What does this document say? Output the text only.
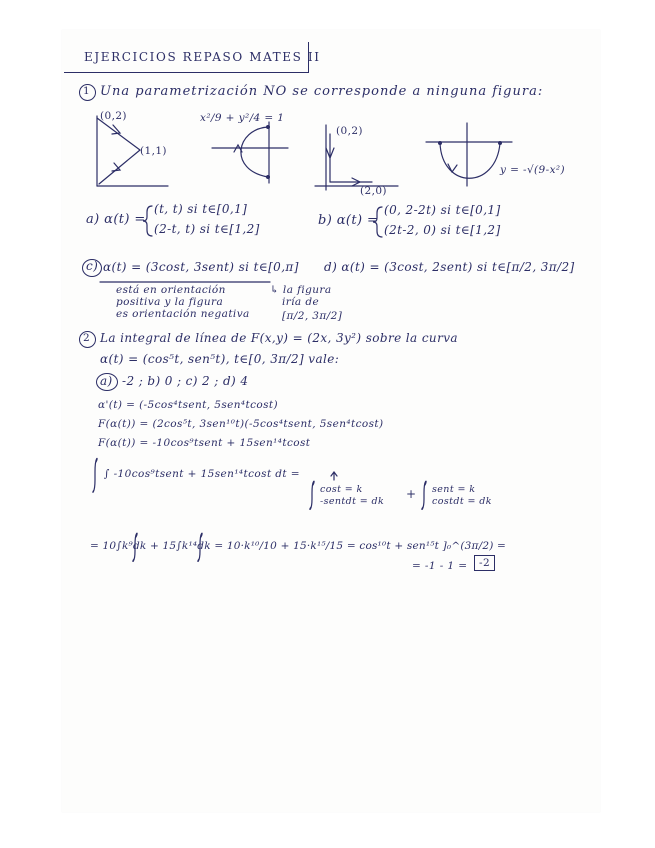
EJERCICIOS REPASO MATES II
1 Una parametrización NO se corresponde a ninguna figura:
(0,2)
(1,1)
x²/9 + y²/4 = 1
(0,2)
(2,0)
y = -√(9-x²)
a) α(t) =
(t, t) si t∈[0,1]
(2-t, t) si t∈[1,2]
b) α(t) =
(0, 2-2t) si t∈[0,1]
(2t-2, 0) si t∈[1,2]
c) α(t) = (3cost, 3sent) si t∈[0,π]
está en orientación
positiva y la figura
es orientación negativa
d) α(t) = (3cost, 2sent) si t∈[π/2, 3π/2]
↳ la figura
iría de
[π/2, 3π/2]
2 La integral de línea de F(x,y) = (2x, 3y²) sobre la curva
α(t) = (cos⁵t, sen⁵t), t∈[0, 3π/2] vale:
a) -2 ; b) 0 ; c) 2 ; d) 4
α'(t) = (-5cos⁴tsent, 5sen⁴tcost)
F(α(t)) = (2cos⁵t, 3sen¹⁰t)(-5cos⁴tsent, 5sen⁴tcost)
F(α(t)) = -10cos⁹tsent + 15sen¹⁴tcost
∫ -10cos⁹tsent + 15sen¹⁴tcost dt =
cost = k
-sentdt = dk
+ sent = k
costdt = dk
= 10∫k⁹dk + 15∫k¹⁴dk = 10·k¹⁰/10 + 15·k¹⁵/15 = cos¹⁰t + sen¹⁵t ]₀^(3π/2) =
= -1 - 1 =	-2
